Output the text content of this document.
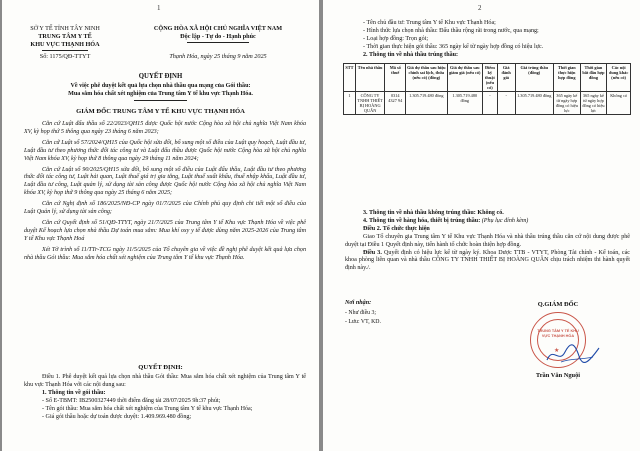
1
SỞ Y TẾ TỈNH TÂY NINH
TRUNG TÂM Y TẾ
KHU VỰC THẠNH HÓA
Số: 1175/QĐ-TTYT
CỘNG HÒA XÃ HỘI CHỦ NGHĨA VIỆT NAM
Độc lập - Tự do - Hạnh phúc
Thạnh Hóa, ngày 25 tháng 9 năm 2025
QUYẾT ĐỊNH
Về việc phê duyệt kết quả lựa chọn nhà thầu qua mạng của Gói thầu:
Mua sắm hóa chất xét nghiệm của Trung tâm Y tế khu vực Thạnh Hóa.
GIÁM ĐỐC TRUNG TÂM Y TẾ KHU VỰC THẠNH HÓA

Căn cứ Luật đấu thầu số 22/2023/QH15 được Quốc hội nước Cộng hòa xã hội chủ nghĩa Việt Nam khóa XV, kỳ họp thứ 5 thông qua ngày 23 tháng 6 năm 2023;

Căn cứ Luật số 57/2024/QH15 của Quốc hội sửa đổi, bổ sung một số điều của Luật quy hoạch, Luật đầu tư, Luật đầu tư theo phương thức đối tác công tư và Luật đấu thầu được Quốc hội nước Cộng hòa xã hội chủ nghĩa Việt Nam khóa XV, kỳ họp thứ 8 thông qua ngày 29 tháng 11 năm 2024;

Căn cứ Luật số 90/2025/QH15 sửa đổi, bổ sung một số điều của Luật đấu thầu, Luật đầu tư theo phương thức đối tác công tư, Luật hải quan, Luật thuế giá trị gia tăng, Luật thuế xuất khẩu, thuế nhập khẩu, Luật đầu tư, Luật đầu tư công, Luật quản lý, sử dụng tài sản công được Quốc hội nước Cộng hòa xã hội chủ nghĩa Việt Nam khóa XV, kỳ họp thứ 9 thông qua ngày 25 tháng 6 năm 2025;

Căn cứ Nghị định số 186/2025/NĐ-CP ngày 01/7/2025 của Chính phủ quy định chi tiết một số điều của Luật Quản lý, sử dụng tài sản công;

Căn cứ Quyết định số 51/QĐ-TTYT, ngày 21/7/2025 của Trung tâm Y tế Khu vực Thạnh Hóa về việc phê duyệt Kế hoạch lựa chọn nhà thầu Dự toán mua sắm: Mua khí oxy y tế được dùng năm 2025-2026 của Trung tâm Y tế Khu vực Thạnh Hoá

Xét Tờ trình số 11/TTr-TCG ngày 11/5/2025 của Tổ chuyên gia về việc đề nghị phê duyệt kết quả lựa chọn nhà thầu Gói thầu: Mua sắm hóa chất xét nghiệm của Trung tâm Y tế khu vực Thạnh Hóa.

QUYẾT ĐỊNH:

Điều 1. Phê duyệt kết quả lựa chọn nhà thầu Gói thầu: Mua sắm hóa chất xét nghiệm của Trung tâm Y tế khu vực Thạnh Hóa với các nội dung sau:

1. Thông tin về gói thầu:

- Số E-TBMT: IB2500327449 thời điểm đăng tải 28/07/2025 9h:37 phút;

- Tên gói thầu: Mua sắm hóa chất xét nghiệm của Trung tâm Y tế khu vực Thạnh Hóa;

- Giá gói thầu hoặc dự toán được duyệt: 1.409.969.480 đồng;

2

- Tên chủ đầu tư: Trung tâm Y tế Khu vực Thạnh Hóa;

- Hình thức lựa chọn nhà thầu: Đấu thầu rộng rãi trong nước, qua mạng;

- Loại hợp đồng: Trọn gói;

- Thời gian thực hiện gói thầu: 365 ngày kể từ ngày hợp đồng có hiệu lực.

2. Thông tin về nhà thầu trúng thầu:

STT	Tên nhà thầu	Mã số thuế	Giá dự thầu sau hiệu chỉnh sai lệch, thừa (nếu có) (đồng)	Giá dự thầu sau giảm giá (nếu có)	Điểm kỹ thuật (nếu có)	Giá đánh giá	Giá trúng thầu (đồng)	Thời gian thực hiện hợp đồng	Thời gian bắt đầu hợp đồng	Các nội dung khác (nếu có)
1	CÔNG TY TNHH THIẾT BỊ HOÀNG QUÂN	0314 4327 94	1.305.719.480 đồng	1.305.719.480 đồng	-	-	1.305.719.480 đồng	365 ngày kể từ ngày hợp đồng có hiệu lực	365 ngày kể từ ngày hợp đồng có hiệu lực	Không có

3. Thông tin về nhà thầu không trúng thầu: Không có.

4. Thông tin về hàng hóa, thiết bị trúng thầu: (Phụ lục đính kèm)

Điều 2. Tổ chức thực hiện

Giao Tổ chuyên gia Trung tâm Y tế Khu vực Thạnh Hóa và nhà thầu trúng thầu căn cứ nội dung được phê duyệt tại Điều 1 Quyết định này, tiến hành tổ chức hoàn thiện hợp đồng.

Điều 3. Quyết định có hiệu lực kể từ ngày ký. Khoa Dược TTB - VTYT, Phòng Tài chính - Kế toán, các khoa phòng liên quan và nhà thầu CÔNG TY TNHH THIẾT BỊ HOÀNG QUÂN chịu trách nhiệm thi hành quyết định này./.

Nơi nhận:
- Như điều 3;
- Lưu: VT, KD.
Q.GIÁM ĐỐC
TRUNG TÂM Y TẾ KHU VỰC THẠNH HÓA
★
Trần Văn Nguội
